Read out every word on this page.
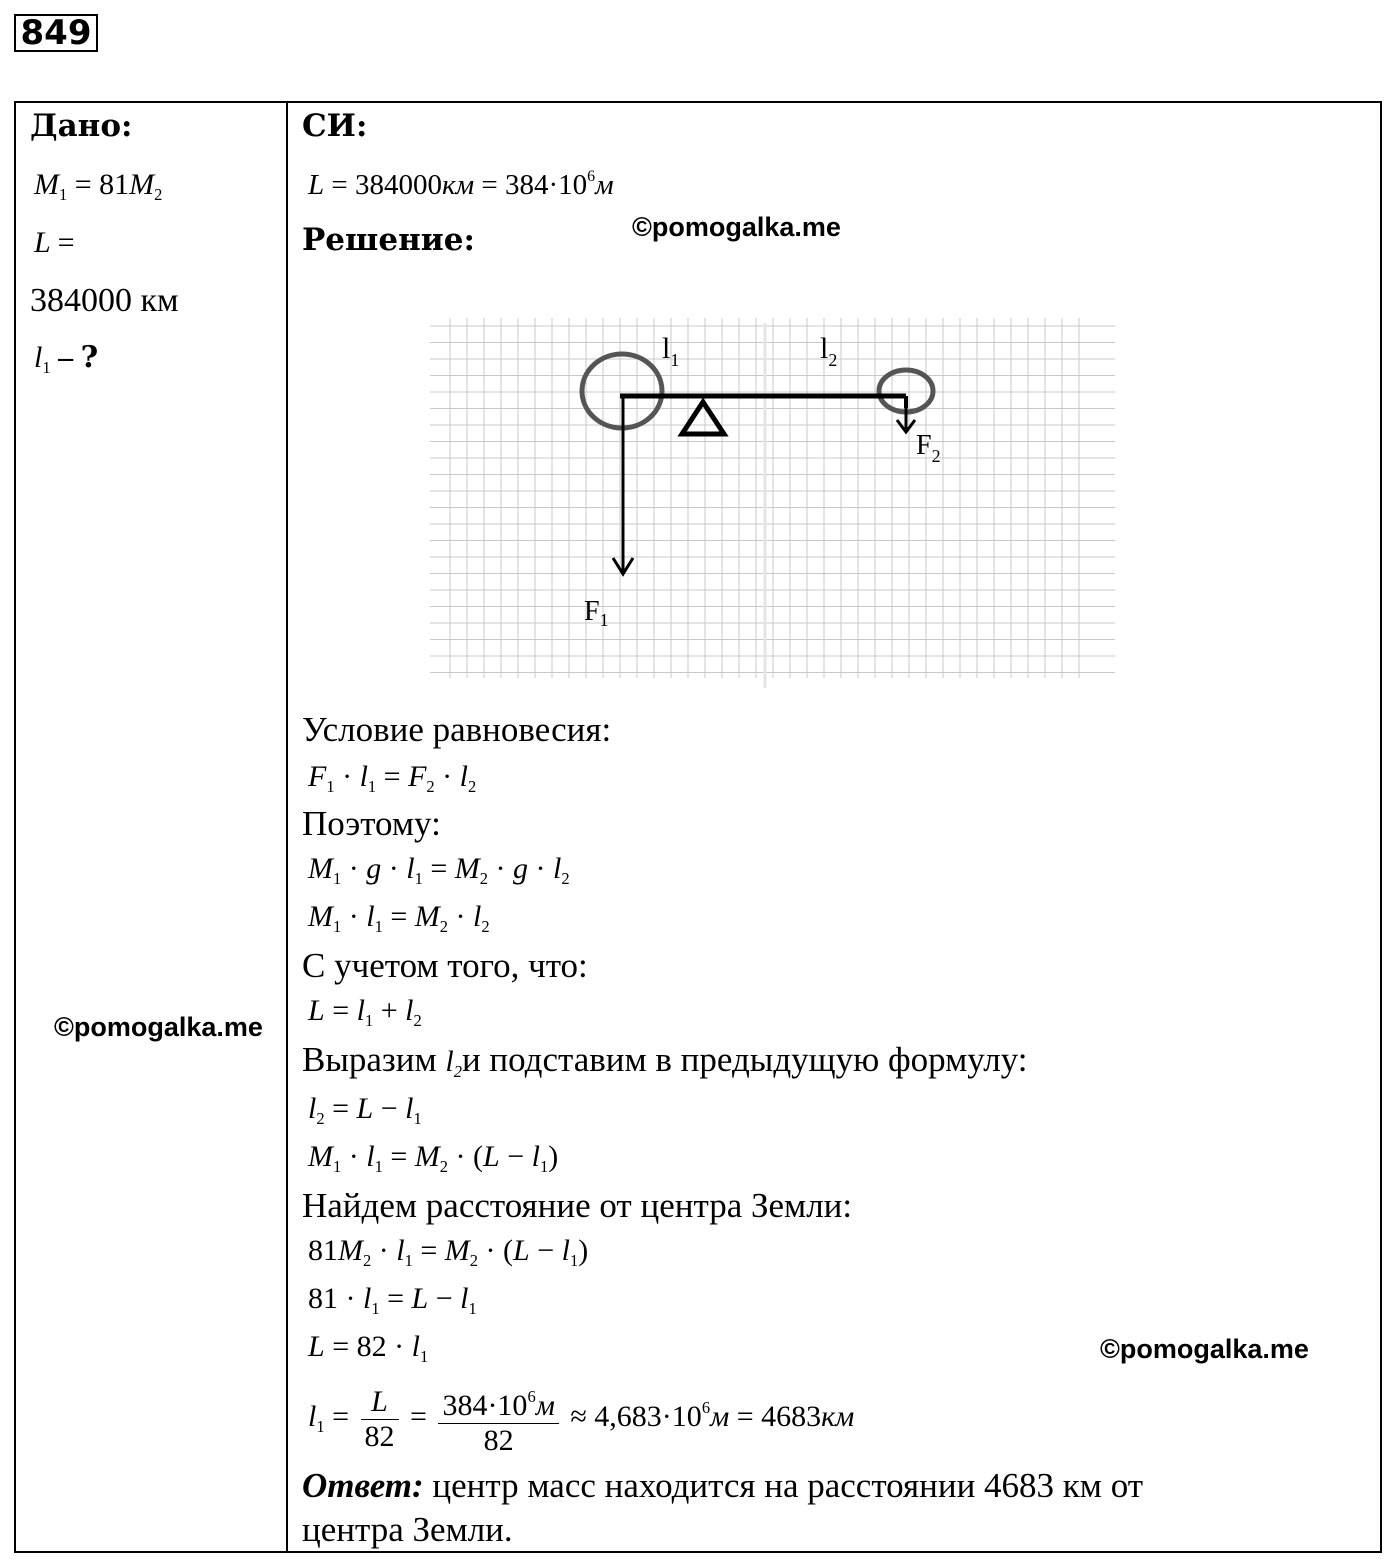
849
Дано:
$M_1 = 81M_2$
L =
384000 км
$l_1$ – ?
СИ:
$L = 384000км = 384\cdot 10^6м$
Решение:	©pomogalka.me
$l_1$	$l_2$
$F_1$
$F_2$
Условие равновесия:
$F_1 \cdot l_1 = F_2 \cdot l_2$
Поэтому:
$M_1 \cdot g \cdot l_1 = M_2 \cdot g \cdot l_2$
$M_1 \cdot l_1 = M_2 \cdot l_2$
С учетом того, что:
$L = l_1 + l_2$
Выразим $l_2и$ подставим в предыдущую формулу:
$l_2 = L - l_1$
$M_1 \cdot l_1 = M_2 \cdot (L - l_1)$
Найдем расстояние от центра Земли:
$81M_2 \cdot l_1 = M_2 \cdot (L - l_1)$
$81 \cdot l_1 = L - l_1$
$L = 82 \cdot l_1$	©pomogalka.me
$l_1 = \frac{L}{82} = \frac{384\cdot 10^6м}{82} \approx 4,683\cdot 10^6м = 4683км$
Ответ: центр масс находится на расстоянии 4683 км от
центра Земли.
©pomogalka.me
